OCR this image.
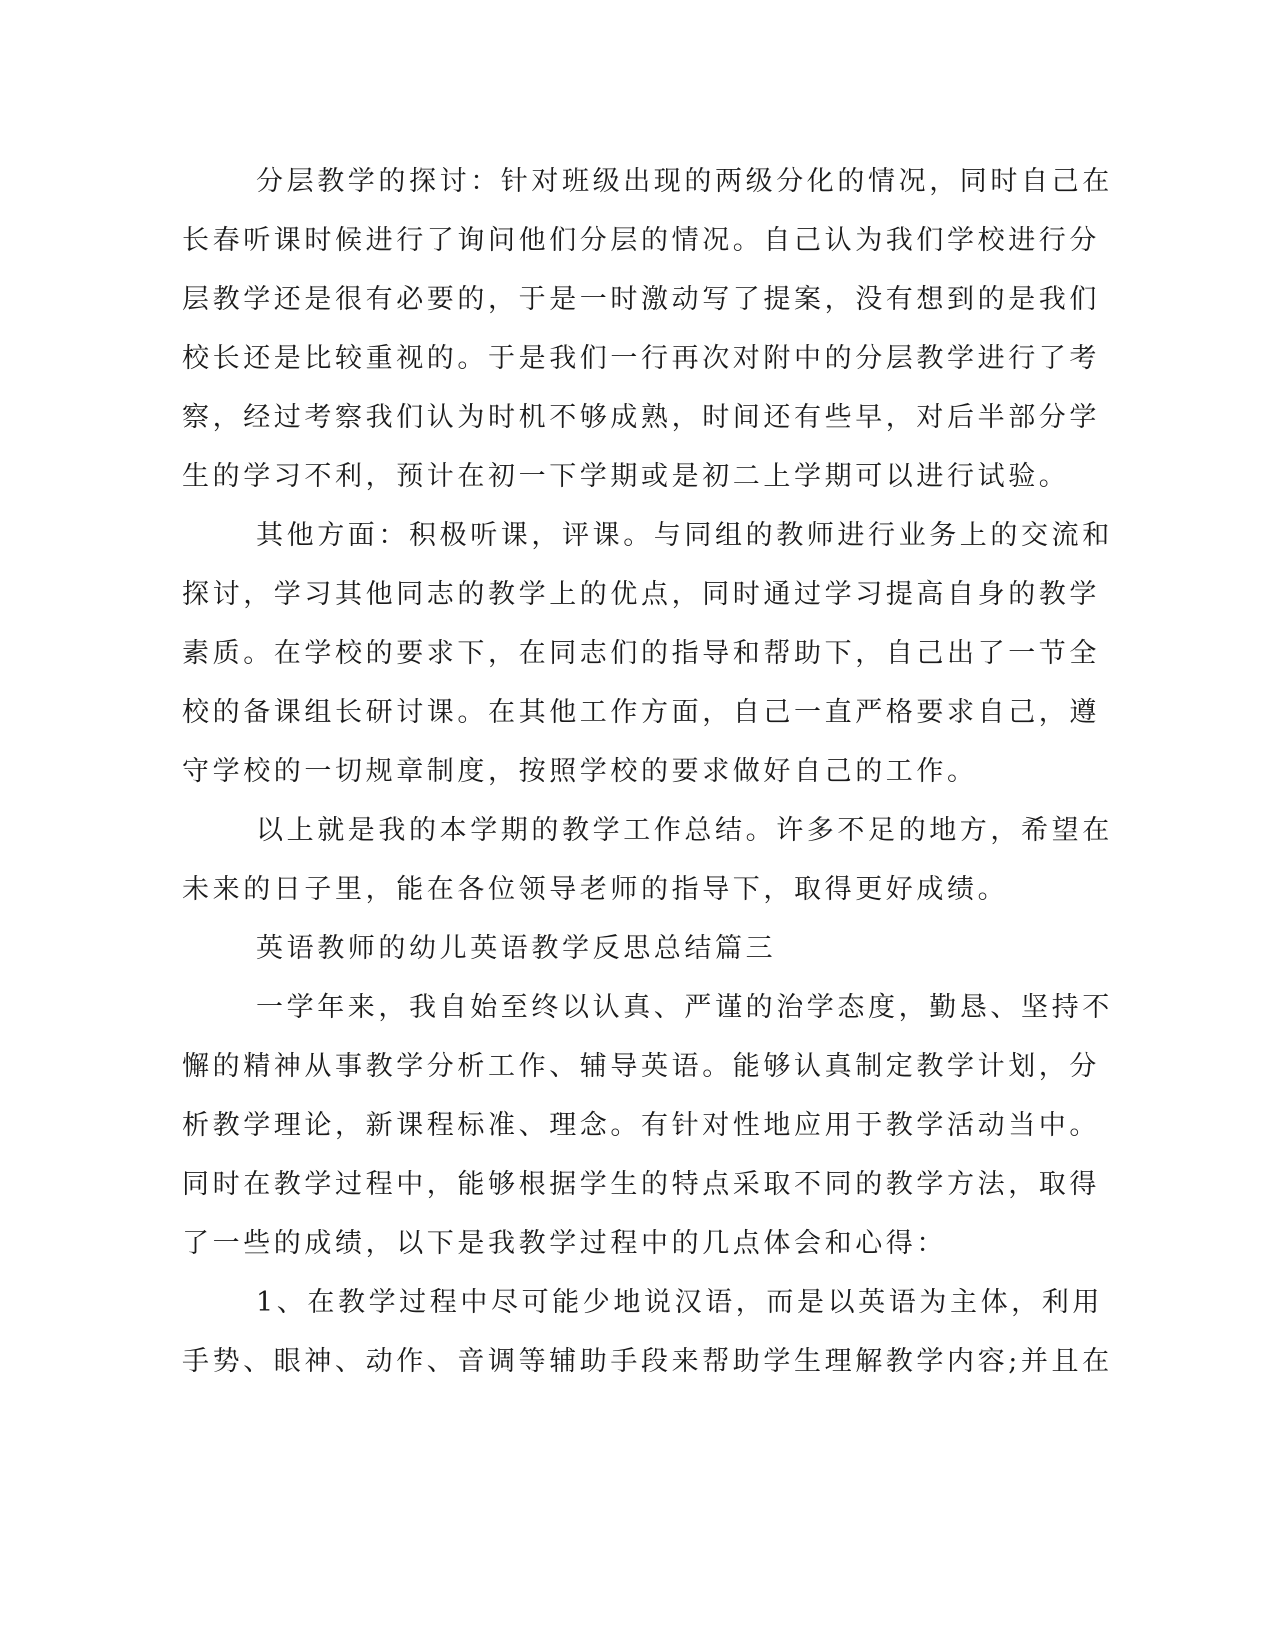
分层教学的探讨：针对班级出现的两级分化的情况，同时自己在
长春听课时候进行了询问他们分层的情况。自己认为我们学校进行分
层教学还是很有必要的，于是一时激动写了提案，没有想到的是我们
校长还是比较重视的。于是我们一行再次对附中的分层教学进行了考
察，经过考察我们认为时机不够成熟，时间还有些早，对后半部分学
生的学习不利，预计在初一下学期或是初二上学期可以进行试验。
其他方面：积极听课，评课。与同组的教师进行业务上的交流和
探讨，学习其他同志的教学上的优点，同时通过学习提高自身的教学
素质。在学校的要求下，在同志们的指导和帮助下，自己出了一节全
校的备课组长研讨课。在其他工作方面，自己一直严格要求自己，遵
守学校的一切规章制度，按照学校的要求做好自己的工作。
以上就是我的本学期的教学工作总结。许多不足的地方，希望在
未来的日子里，能在各位领导老师的指导下，取得更好成绩。
英语教师的幼儿英语教学反思总结篇三
一学年来，我自始至终以认真、严谨的治学态度，勤恳、坚持不
懈的精神从事教学分析工作、辅导英语。能够认真制定教学计划，分
析教学理论，新课程标准、理念。有针对性地应用于教学活动当中。
同时在教学过程中，能够根据学生的特点采取不同的教学方法，取得
了一些的成绩，以下是我教学过程中的几点体会和心得：
1、在教学过程中尽可能少地说汉语，而是以英语为主体，利用
手势、眼神、动作、音调等辅助手段来帮助学生理解教学内容;并且在
